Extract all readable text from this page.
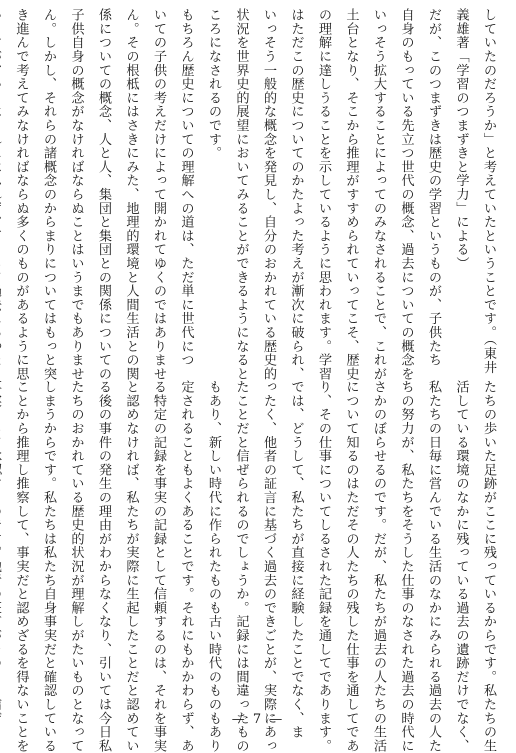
していたのだろうか」と考えていたということです。（東井
義雄著「学習のつまずきと学力」による）
だが、このつまずきは歴史の学習というものが、子供たち
自身のもっている先立つ世代の概念、過去についての概念を
いっそう拡大することによってのみなされることで、これが
土台となり、そこから推理がすすめられていってこそ、歴史
の理解に達しうることを示しているように思われます。学習
はただこの歴史についてのかたよった考えが漸次に破られ、
いっそう一般的な概念を発見し、自分のおかれている歴史的
状況を世界史的展望においてみることができるようになると
ころになされるのです。
もちろん歴史についての理解への道は、ただ単に世代につ
いての子供の考えだけによって開かれてゆくのではありませ
ん。その根柢にはさきにみた、地理的環境と人間生活との関
係についての概念、人と人、集団と集団との関係についての
子供自身の概念がなければならぬことはいうまでもありませ
ん。しかし、それらの諸概念のからまりについてはもっと突
き進んで考えてみなければならぬ多くのものがあるように思
たちの歩いた足跡がここに残っているからです。私たちの生
活している環境のなかに残っている過去の遺跡だけでなく、
私たちの日毎に営んでいる生活のなかにみられる過去の人た
ちの努力が、私たちをそうした仕事のなされた過去の時代に
さかのぼらせるのです。だが、私たちが過去の人たちの生活
について知るのはただその人たちの残した仕事を通してであ
り、その仕事についてしるされた記録を通してであります。
では、どうして、私たちが直接に経験したことでなく、ま
ったく、他者の証言に基づく過去のできごとが、実際にあっ
たことだと信ぜられるのでしょうか。記録には間違ったもの
もあり、新しい時代に作られたものも古い時代のものもあり
定されることもよくあることです。それにもかかわらず、あ
る特定の記録を事実の記録として信頼するのは、それを事実
と認めなければ、私たちが実際に生起したことだと認めてい
る後の事件の発生の理由がわからなくなり、引いては今日私
たちのおかれている歴史的状況が理解しがたいものとなって
しまうからです。私たちは私たち自身事実だと確認している
ことから推理し推察して、事実だと認めざるを得ないことを	— 7 —
